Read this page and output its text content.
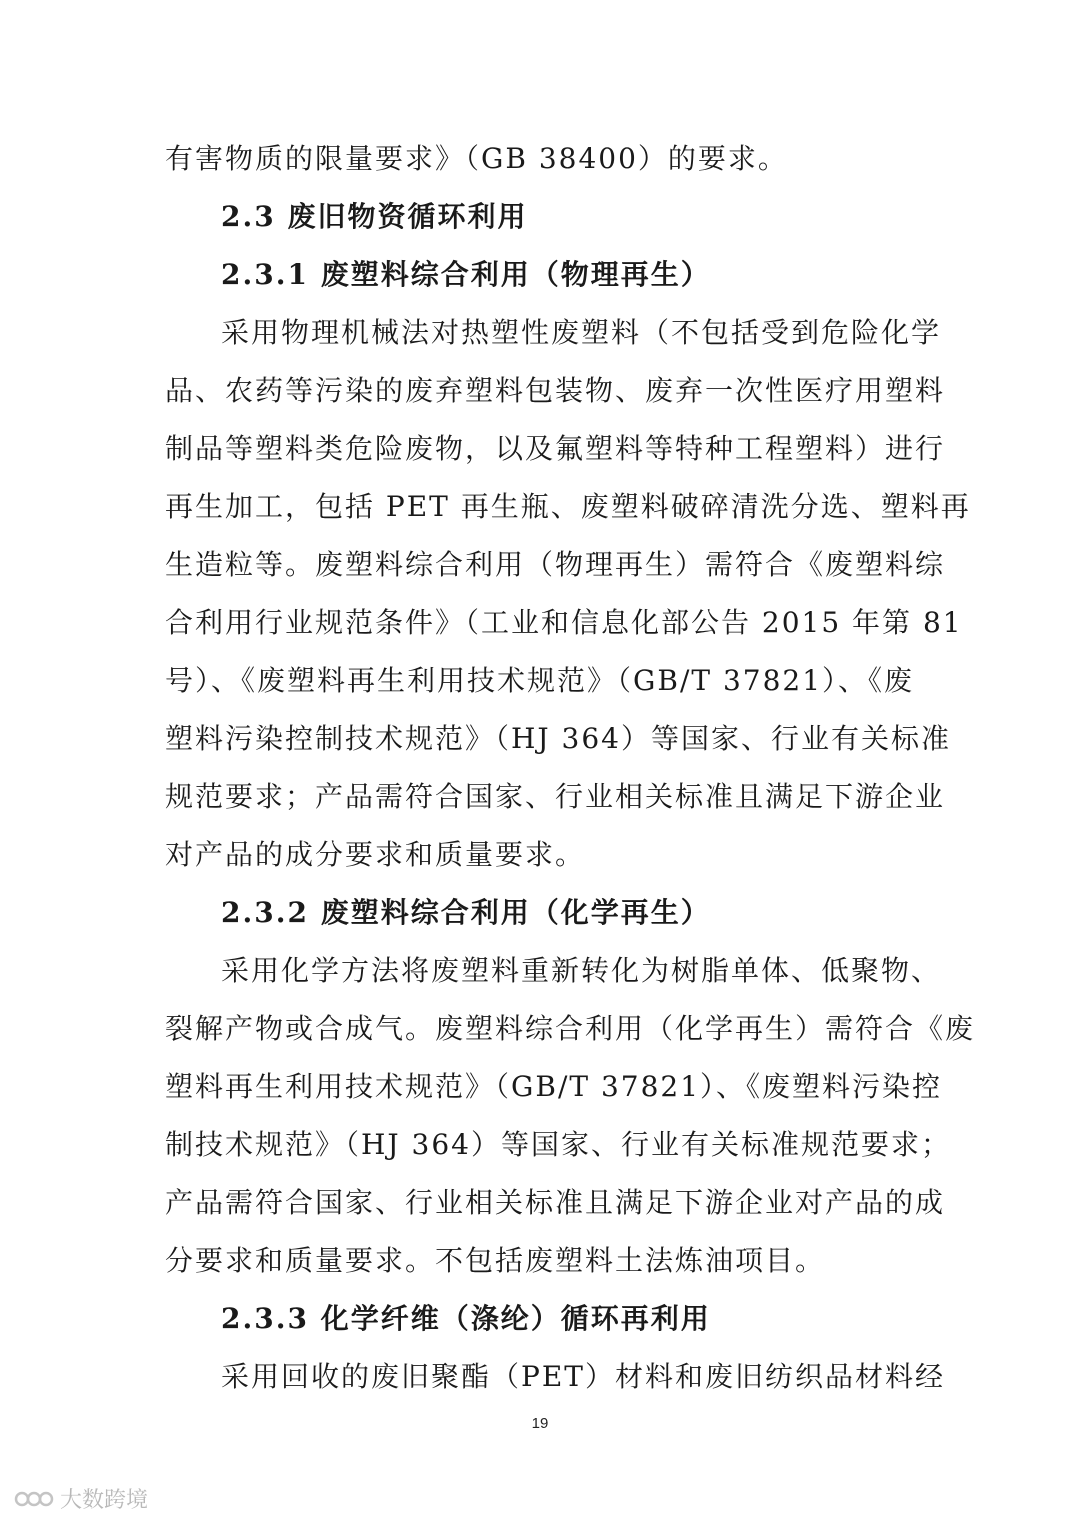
有害物质的限量要求》（GB 38400）的要求。
2.3 废旧物资循环利用
2.3.1 废塑料综合利用（物理再生）
采用物理机械法对热塑性废塑料（不包括受到危险化学
品、农药等污染的废弃塑料包装物、废弃一次性医疗用塑料
制品等塑料类危险废物，以及氟塑料等特种工程塑料）进行
再生加工，包括 PET 再生瓶、废塑料破碎清洗分选、塑料再
生造粒等。废塑料综合利用（物理再生）需符合《废塑料综
合利用行业规范条件》（工业和信息化部公告 2015 年第 81
号）、《废塑料再生利用技术规范》（GB/T 37821）、《废
塑料污染控制技术规范》（HJ 364）等国家、行业有关标准
规范要求；产品需符合国家、行业相关标准且满足下游企业
对产品的成分要求和质量要求。
2.3.2 废塑料综合利用（化学再生）
采用化学方法将废塑料重新转化为树脂单体、低聚物、
裂解产物或合成气。废塑料综合利用（化学再生）需符合《废
塑料再生利用技术规范》（GB/T 37821）、《废塑料污染控
制技术规范》（HJ 364）等国家、行业有关标准规范要求；
产品需符合国家、行业相关标准且满足下游企业对产品的成
分要求和质量要求。不包括废塑料土法炼油项目。
2.3.3 化学纤维（涤纶）循环再利用
采用回收的废旧聚酯（PET）材料和废旧纺织品材料经
19
大数跨境
